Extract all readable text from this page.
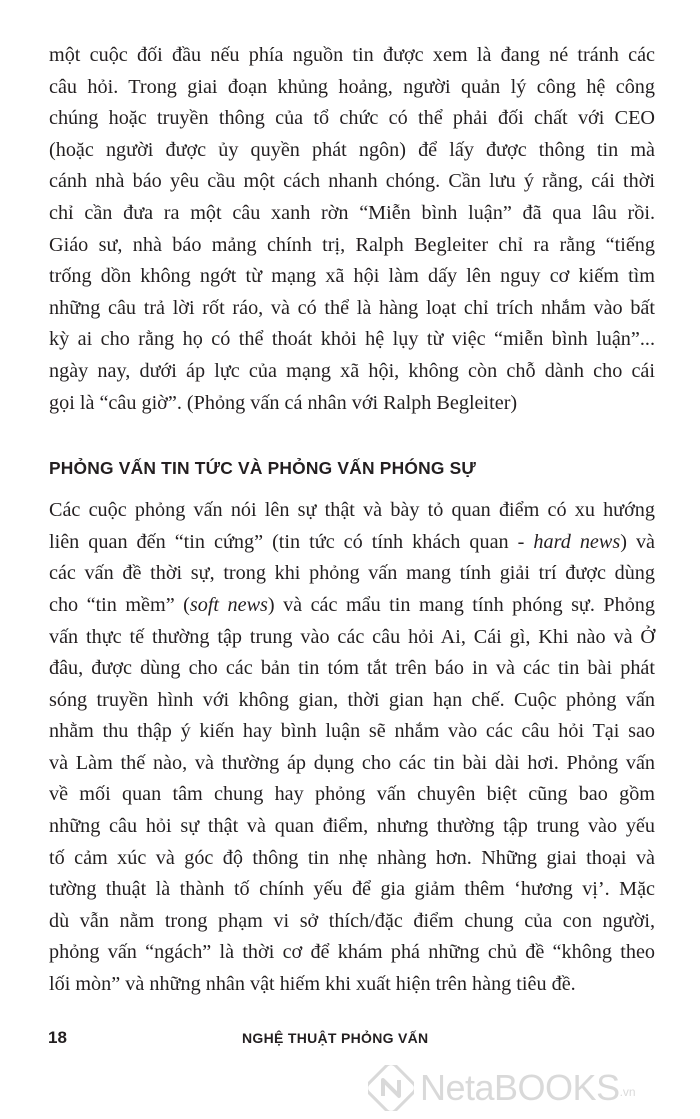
một cuộc đối đầu nếu phía nguồn tin được xem là đang né tránh các
câu hỏi. Trong giai đoạn khủng hoảng, người quản lý công hệ công
chúng hoặc truyền thông của tổ chức có thể phải đối chất với CEO
(hoặc người được ủy quyền phát ngôn) để lấy được thông tin mà
cánh nhà báo yêu cầu một cách nhanh chóng. Cần lưu ý rằng, cái thời
chỉ cần đưa ra một câu xanh rờn “Miễn bình luận” đã qua lâu rồi.
Giáo sư, nhà báo mảng chính trị, Ralph Begleiter chỉ ra rằng “tiếng
trống dồn không ngớt từ mạng xã hội làm dấy lên nguy cơ kiếm tìm
những câu trả lời rốt ráo, và có thể là hàng loạt chỉ trích nhắm vào bất
kỳ ai cho rằng họ có thể thoát khỏi hệ lụy từ việc “miễn bình luận”...
ngày nay, dưới áp lực của mạng xã hội, không còn chỗ dành cho cái
gọi là “câu giờ”. (Phỏng vấn cá nhân với Ralph Begleiter)

PHỎNG VẤN TIN TỨC VÀ PHỎNG VẤN PHÓNG SỰ

Các cuộc phỏng vấn nói lên sự thật và bày tỏ quan điểm có xu hướng
liên quan đến “tin cứng” (tin tức có tính khách quan - hard news) và
các vấn đề thời sự, trong khi phỏng vấn mang tính giải trí được dùng
cho “tin mềm” (soft news) và các mẩu tin mang tính phóng sự. Phỏng
vấn thực tế thường tập trung vào các câu hỏi Ai, Cái gì, Khi nào và Ở
đâu, được dùng cho các bản tin tóm tắt trên báo in và các tin bài phát
sóng truyền hình với không gian, thời gian hạn chế. Cuộc phỏng vấn
nhằm thu thập ý kiến hay bình luận sẽ nhắm vào các câu hỏi Tại sao
và Làm thế nào, và thường áp dụng cho các tin bài dài hơi. Phỏng vấn
về mối quan tâm chung hay phỏng vấn chuyên biệt cũng bao gồm
những câu hỏi sự thật và quan điểm, nhưng thường tập trung vào yếu
tố cảm xúc và góc độ thông tin nhẹ nhàng hơn. Những giai thoại và
tường thuật là thành tố chính yếu để gia giảm thêm ‘hương vị’. Mặc
dù vẫn nằm trong phạm vi sở thích/đặc điểm chung của con người,
phỏng vấn “ngách” là thời cơ để khám phá những chủ đề “không theo
lối mòn” và những nhân vật hiếm khi xuất hiện trên hàng tiêu đề.

18	NGHỆ THUẬT PHỎNG VẤN
NetaBOOKS .vn
